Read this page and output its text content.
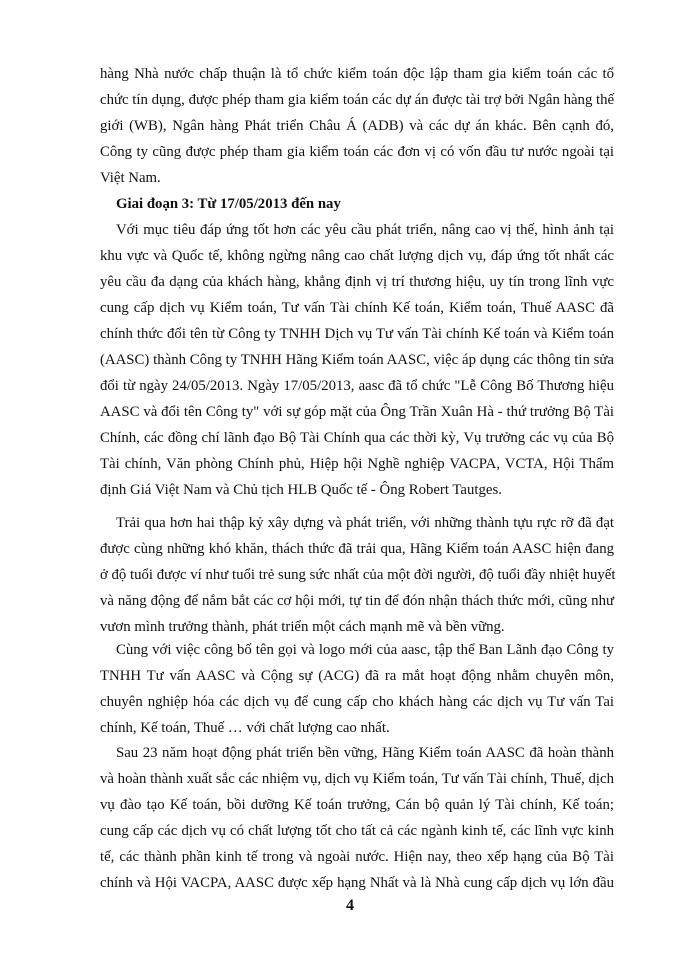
hàng Nhà nước chấp thuận là tổ chức kiểm toán độc lập tham gia kiểm toán các tổ
chức tín dụng, được phép tham gia kiểm toán các dự án được tài trợ bởi Ngân hàng thế
giới (WB), Ngân hàng Phát triển Châu Á (ADB) và các dự án khác. Bên cạnh đó,
Công ty cũng được phép tham gia kiểm toán các đơn vị có vốn đầu tư nước ngoài tại
Việt Nam.
Giai đoạn 3: Từ 17/05/2013 đến nay
Với mục tiêu đáp ứng tốt hơn các yêu cầu phát triển, nâng cao vị thế, hình ảnh tại
khu vực và Quốc tế, không ngừng nâng cao chất lượng dịch vụ, đáp ứng tốt nhất các
yêu cầu đa dạng của khách hàng, khẳng định vị trí thương hiệu, uy tín trong lĩnh vực
cung cấp dịch vụ Kiểm toán, Tư vấn Tài chính Kế toán, Kiểm toán, Thuế AASC đã
chính thức đổi tên từ Công ty TNHH Dịch vụ Tư vấn Tài chính Kế toán và Kiểm toán
(AASC) thành Công ty TNHH Hãng Kiểm toán AASC, việc áp dụng các thông tin sửa
đổi từ ngày 24/05/2013. Ngày 17/05/2013, aasc đã tổ chức "Lễ Công Bố Thương hiệu
AASC và đổi tên Công ty" với sự góp mặt của Ông Trần Xuân Hà - thứ trưởng Bộ Tài
Chính, các đồng chí lãnh đạo Bộ Tài Chính qua các thời kỳ, Vụ trưởng các vụ của Bộ
Tài chính, Văn phòng Chính phủ, Hiệp hội Nghề nghiệp VACPA, VCTA, Hội Thẩm
định Giá Việt Nam và Chủ tịch HLB Quốc tế - Ông Robert Tautges.
Trải qua hơn hai thập kỷ xây dựng và phát triển, với những thành tựu rực rỡ đã đạt
được cùng những khó khăn, thách thức đã trải qua, Hãng Kiểm toán AASC hiện đang
ở độ tuổi được ví như tuổi trẻ sung sức nhất của một đời người, độ tuổi đầy nhiệt huyết
và năng động để nắm bắt các cơ hội mới, tự tin để đón nhận thách thức mới, cũng như
vươn mình trưởng thành, phát triển một cách mạnh mẽ và bền vững.
Cùng với việc công bố tên gọi và logo mới của aasc, tập thể Ban Lãnh đạo Công ty
TNHH Tư vấn AASC và Cộng sự (ACG) đã ra mắt hoạt động nhằm chuyên môn,
chuyên nghiệp hóa các dịch vụ để cung cấp cho khách hàng các dịch vụ Tư vấn Tai
chính, Kế toán, Thuế … với chất lượng cao nhất.
Sau 23 năm hoạt động phát triển bền vững, Hãng Kiểm toán AASC đã hoàn thành
và hoàn thành xuất sắc các nhiệm vụ, dịch vụ Kiểm toán, Tư vấn Tài chính, Thuế, dịch
vụ đào tạo Kế toán, bồi dưỡng Kế toán trưởng, Cán bộ quản lý Tài chính, Kế toán;
cung cấp các dịch vụ có chất lượng tốt cho tất cả các ngành kinh tế, các lĩnh vực kinh
tế, các thành phần kinh tế trong và ngoài nước. Hiện nay, theo xếp hạng của Bộ Tài
chính và Hội VACPA, AASC được xếp hạng Nhất và là Nhà cung cấp dịch vụ lớn đầu
4
